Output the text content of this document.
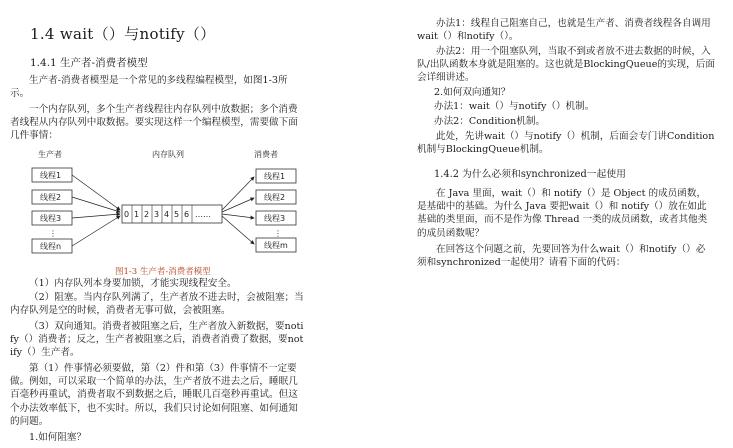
1.4 wait（）与notify（）
1.4.1 生产者-消费者模型
生产者-消费者模型是一个常见的多线程编程模型，如图1-3所
示。
一个内存队列，多个生产者线程往内存队列中放数据；多个消费
者线程从内存队列中取数据。要实现这样一个编程模型，需要做下面
几件事情：
生产者	内存队列	消费者
线程1
线程2
线程3
⋮
线程n
0 1 2 3 4 5 6 ……
线程1
线程2
线程3
⋮
线程m
图1-3 生产者-消费者模型
（1）内存队列本身要加锁，才能实现线程安全。
（2）阻塞。当内存队列满了，生产者放不进去时，会被阻塞；当
内存队列是空的时候，消费者无事可做，会被阻塞。
（3）双向通知。消费者被阻塞之后，生产者放入新数据，要noti
fy（）消费者；反之，生产者被阻塞之后，消费者消费了数据，要not
ify（）生产者。
第（1）件事情必须要做，第（2）件和第（3）件事情不一定要
做。例如，可以采取一个简单的办法，生产者放不进去之后，睡眠几
百毫秒再重试，消费者取不到数据之后，睡眠几百毫秒再重试。但这
个办法效率低下，也不实时。所以，我们只讨论如何阻塞、如何通知
的问题。
1.如何阻塞？
办法1：线程自己阻塞自己，也就是生产者、消费者线程各自调用
wait（）和notify（）。
办法2：用一个阻塞队列，当取不到或者放不进去数据的时候，入
队/出队函数本身就是阻塞的。这也就是BlockingQueue的实现，后面
会详细讲述。
2.如何双向通知？
办法1：wait（）与notify（）机制。
办法2：Condition机制。
此处，先讲wait（）与notify（）机制，后面会专门讲Condition
机制与BlockingQueue机制。
1.4.2 为什么必须和synchronized一起使用
在 Java 里面，wait（）和 notify（）是 Object 的成员函数，
是基础中的基础。为什么 Java 要把wait（）和 notify（）放在如此
基础的类里面，而不是作为像 Thread 一类的成员函数，或者其他类
的成员函数呢？
在回答这个问题之前，先要回答为什么wait（）和notify（）必
须和synchronized一起使用？请看下面的代码：
